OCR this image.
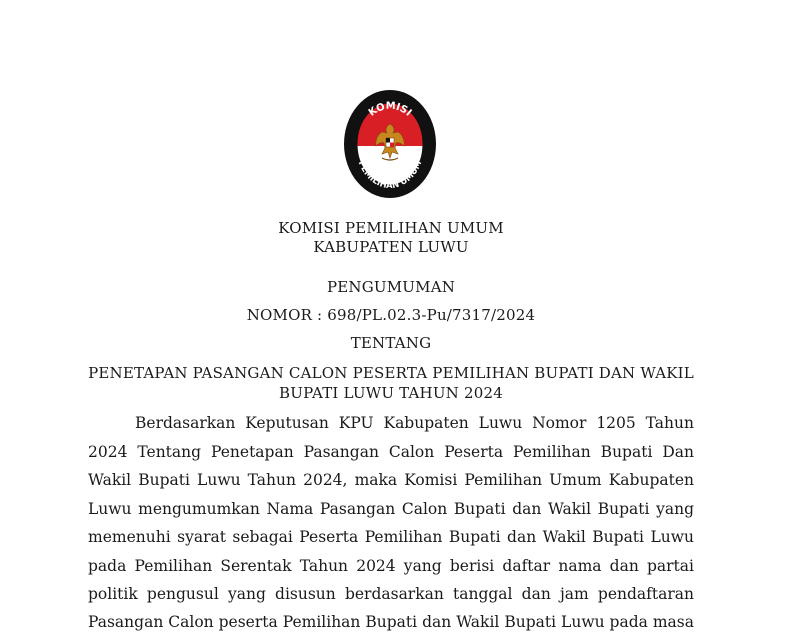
KOMISI
PEMILIHAN UMUM
KOMISI PEMILIHAN UMUM
KABUPATEN LUWU
PENGUMUMAN
NOMOR : 698/PL.02.3-Pu/7317/2024
TENTANG
PENETAPAN PASANGAN CALON PESERTA PEMILIHAN BUPATI DAN WAKIL
BUPATI LUWU TAHUN 2024
Berdasarkan Keputusan KPU Kabupaten Luwu Nomor 1205 Tahun
2024 Tentang Penetapan Pasangan Calon Peserta Pemilihan Bupati Dan
Wakil Bupati Luwu Tahun 2024, maka Komisi Pemilihan Umum Kabupaten
Luwu mengumumkan Nama Pasangan Calon Bupati dan Wakil Bupati yang
memenuhi syarat sebagai Peserta Pemilihan Bupati dan Wakil Bupati Luwu
pada Pemilihan Serentak Tahun 2024 yang berisi daftar nama dan partai
politik pengusul yang disusun berdasarkan tanggal dan jam pendaftaran
Pasangan Calon peserta Pemilihan Bupati dan Wakil Bupati Luwu pada masa
